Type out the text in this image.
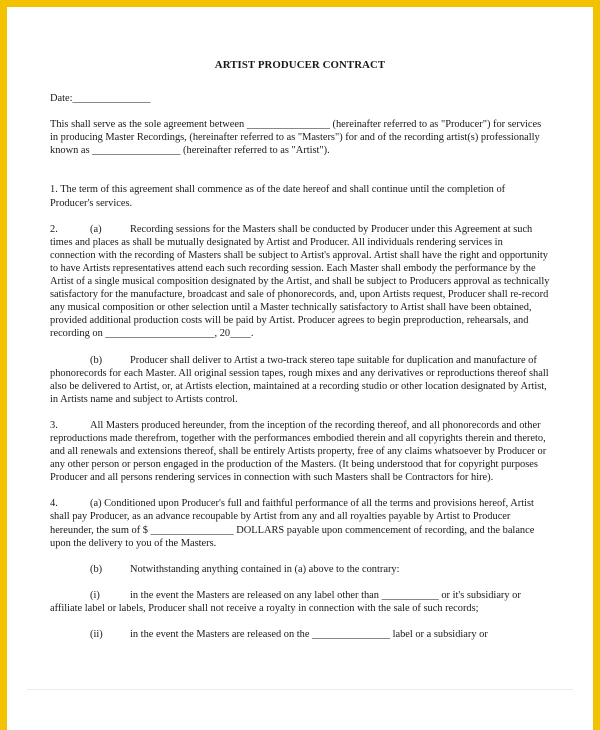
ARTIST PRODUCER CONTRACT

Date:_______________

This shall serve as the sole agreement between ________________ (hereinafter referred to as "Producer") for services in producing Master Recordings, (hereinafter referred to as "Masters") for and of the recording artist(s) professionally known as _________________ (hereinafter referred to as "Artist").

1. The term of this agreement shall commence as of the date hereof and shall continue until the completion of Producer's services.

2.	(a)	Recording sessions for the Masters shall be conducted by Producer under this Agreement at such times and places as shall be mutually designated by Artist and Producer. All individuals rendering services in connection with the recording of Masters shall be subject to Artist's approval. Artist shall have the right and opportunity to have Artists representatives attend each such recording session. Each Master shall embody the performance by the Artist of a single musical composition designated by the Artist, and shall be subject to Producers approval as technically satisfactory for the manufacture, broadcast and sale of phonorecords, and, upon Artists request, Producer shall re-record any musical composition or other selection until a Master technically satisfactory to Artist shall have been obtained, provided additional production costs will be paid by Artist. Producer agrees to begin preproduction, rehearsals, and recording on _____________________, 20____.

(b)	Producer shall deliver to Artist a two-track stereo tape suitable for duplication and manufacture of phonorecords for each Master. All original session tapes, rough mixes and any derivatives or reproductions thereof shall also be delivered to Artist, or, at Artists election, maintained at a recording studio or other location designated by Artist, in Artists name and subject to Artists control.

3.	All Masters produced hereunder, from the inception of the recording thereof, and all phonorecords and other reproductions made therefrom, together with the performances embodied therein and all copyrights therein and thereto, and all renewals and extensions thereof, shall be entirely Artists property, free of any claims whatsoever by Producer or any other person or person engaged in the production of the Masters. (It being understood that for copyright purposes Producer and all persons rendering services in connection with such Masters shall be Contractors for hire).

4.	(a) Conditioned upon Producer's full and faithful performance of all the terms and provisions hereof, Artist shall pay Producer, as an advance recoupable by Artist from any and all royalties payable by Artist to Producer hereunder, the sum of $ ________________ DOLLARS payable upon commencement of recording, and the balance upon the delivery to you of the Masters.

(b)	Notwithstanding anything contained in (a) above to the contrary:

(i)	in the event the Masters are released on any label other than ___________ or it's subsidiary or affiliate label or labels, Producer shall not receive a royalty in connection with the sale of such records;

(ii)	in the event the Masters are released on the _______________ label or a subsidiary or
